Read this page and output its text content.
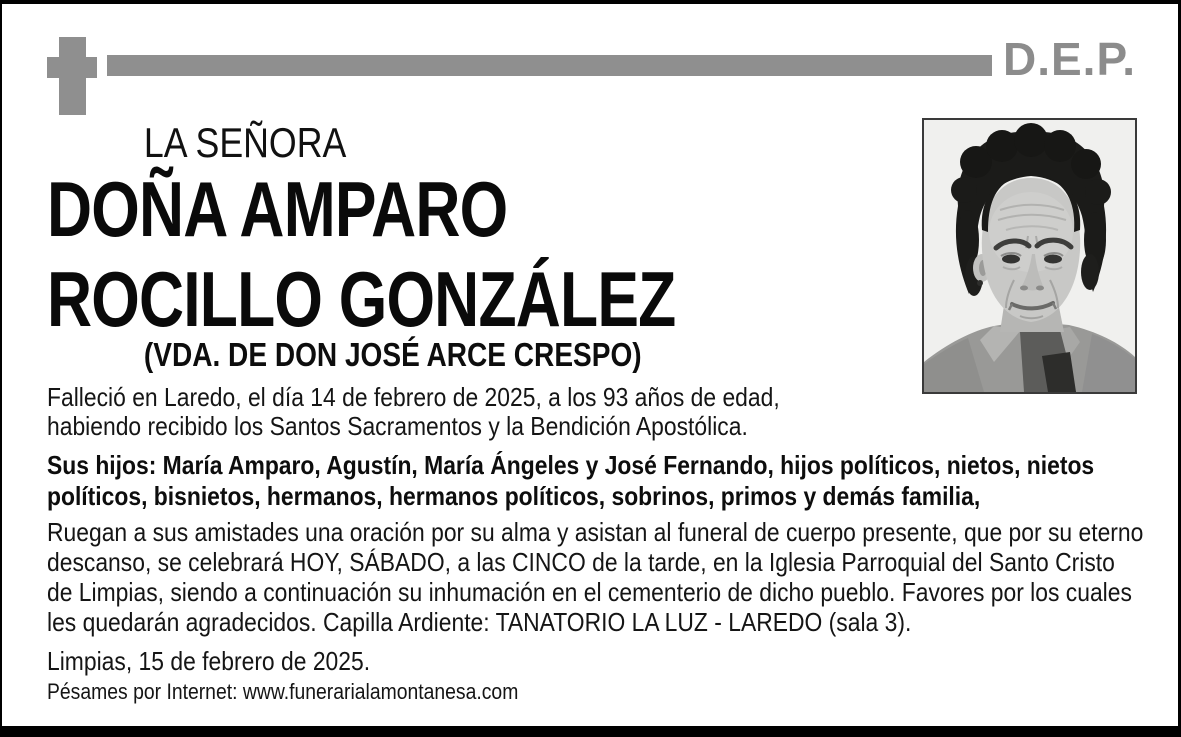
D.E.P.
LA SEÑORA
DOÑA AMPARO
ROCILLO GONZÁLEZ
(VDA. DE DON JOSÉ ARCE CRESPO)
Falleció en Laredo, el día 14 de febrero de 2025, a los 93 años de edad, habiendo recibido los Santos Sacramentos y la Bendición Apostólica.
Sus hijos: María Amparo, Agustín, María Ángeles y José Fernando, hijos políticos, nietos, nietos políticos, bisnietos, hermanos, hermanos políticos, sobrinos, primos y demás familia,
Ruegan a sus amistades una oración por su alma y asistan al funeral de cuerpo presente, que por su eterno descanso, se celebrará HOY, SÁBADO, a las CINCO de la tarde, en la Iglesia Parroquial del Santo Cristo de Limpias, siendo a continuación su inhumación en el cementerio de dicho pueblo. Favores por los cuales les quedarán agradecidos. Capilla Ardiente: TANATORIO LA LUZ - LAREDO (sala 3).
Limpias, 15 de febrero de 2025.
Pésames por Internet: www.funerarialamontanesa.com
